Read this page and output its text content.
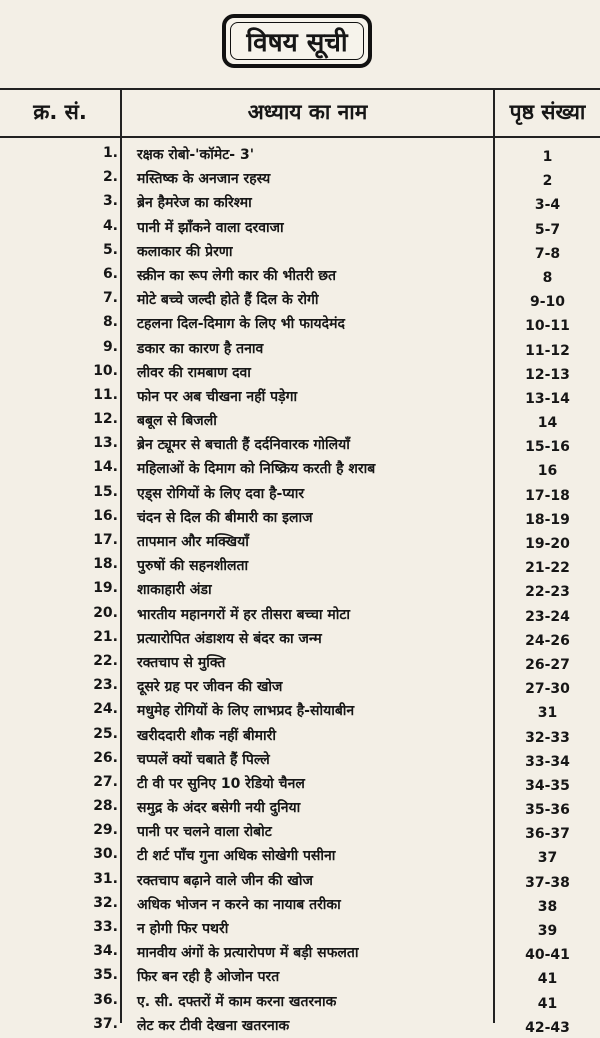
विषय सूची
क्र. सं.	अध्याय का नाम	पृष्ठ संख्या
1. रक्षक रोबो-'कॉमेट- 3'	1
2. मस्तिष्क के अनजान रहस्य	2
3. ब्रेन हैमरेज का करिश्मा	3-4
4. पानी में झाँकने वाला दरवाजा	5-7
5. कलाकार की प्रेरणा	7-8
6. स्क्रीन का रूप लेगी कार की भीतरी छत	8
7. मोटे बच्चे जल्दी होते हैं दिल के रोगी	9-10
8. टहलना दिल-दिमाग के लिए भी फायदेमंद	10-11
9. डकार का कारण है तनाव	11-12
10. लीवर की रामबाण दवा	12-13
11. फोन पर अब चीखना नहीं पड़ेगा	13-14
12. बबूल से बिजली	14
13. ब्रेन ट्यूमर से बचाती हैं दर्दनिवारक गोलियाँ	15-16
14. महिलाओं के दिमाग को निष्क्रिय करती है शराब	16
15. एड्स रोगियों के लिए दवा है-प्यार	17-18
16. चंदन से दिल की बीमारी का इलाज	18-19
17. तापमान और मक्खियाँ	19-20
18. पुरुषों की सहनशीलता	21-22
19. शाकाहारी अंडा	22-23
20. भारतीय महानगरों में हर तीसरा बच्चा मोटा	23-24
21. प्रत्यारोपित अंडाशय से बंदर का जन्म	24-26
22. रक्तचाप से मुक्ति	26-27
23. दूसरे ग्रह पर जीवन की खोज	27-30
24. मधुमेह रोगियों के लिए लाभप्रद है-सोयाबीन	31
25. खरीददारी शौक नहीं बीमारी	32-33
26. चप्पलें क्यों चबाते हैं पिल्ले	33-34
27. टी वी पर सुनिए 10 रेडियो चैनल	34-35
28. समुद्र के अंदर बसेगी नयी दुनिया	35-36
29. पानी पर चलने वाला रोबोट	36-37
30. टी शर्ट पाँच गुना अधिक सोखेगी पसीना	37
31. रक्तचाप बढ़ाने वाले जीन की खोज	37-38
32. अधिक भोजन न करने का नायाब तरीका	38
33. न होगी फिर पथरी	39
34. मानवीय अंगों के प्रत्यारोपण में बड़ी सफलता	40-41
35. फिर बन रही है ओजोन परत	41
36. ए. सी. दफ्तरों में काम करना खतरनाक	41
37. लेट कर टीवी देखना खतरनाक	42-43
